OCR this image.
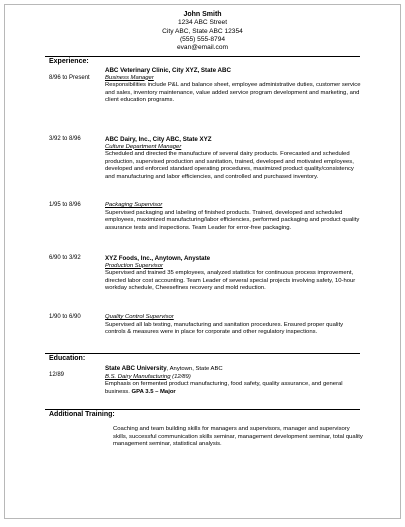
John Smith
1234 ABC Street
City ABC, State ABC 12354
(555) 555-8794
evan@email.com
Experience:
8/96 to Present
ABC Veterinary Clinic, City XYZ, State ABC
Business Manager
Responsibilities include P&L and balance sheet, employee administrative duties, customer service and sales, inventory maintenance, value added service program development and marketing, and client education programs.
3/92 to 8/96	ABC Dairy, Inc., City ABC, State XYZ
Culture Department Manager
Scheduled and directed the manufacture of several dairy products. Forecasted and scheduled production, supervised production and sanitation, trained, developed and motivated employees, developed and enforced standard operating procedures, maximized product quality/consistency and manufacturing and labor efficiencies, and controlled and purchased inventory.
1/95 to 8/96	Packaging Supervisor
Supervised packaging and labeling of finished products. Trained, developed and scheduled employees, maximized manufacturing/labor efficiencies, performed packaging and product quality assurance tests and inspections. Team Leader for error-free packaging.
6/90 to 3/92	XYZ Foods, Inc., Anytown, Anystate
Production Supervisor
Supervised and trained 35 employees, analyzed statistics for continuous process improvement, directed labor cost accounting. Team Leader of several special projects involving safety, 10-hour workday schedule, Cheesefines recovery and mold reduction.
1/90 to 6/90	Quality Control Supervisor
Supervised all lab testing, manufacturing and sanitation procedures. Ensured proper quality controls & measures were in place for corporate and other regulatory inspections.
Education:
12/89
State ABC University, Anytown, State ABC
B.S. Dairy Manufacturing (12/89)
Emphasis on fermented product manufacturing, food safety, quality assurance, and general business. GPA 3.5 – Major
Additional Training:
Coaching and team building skills for managers and supervisors, manager and supervisory skills, successful communication skills seminar, management development seminar, total quality management seminar, statistical analysis.
